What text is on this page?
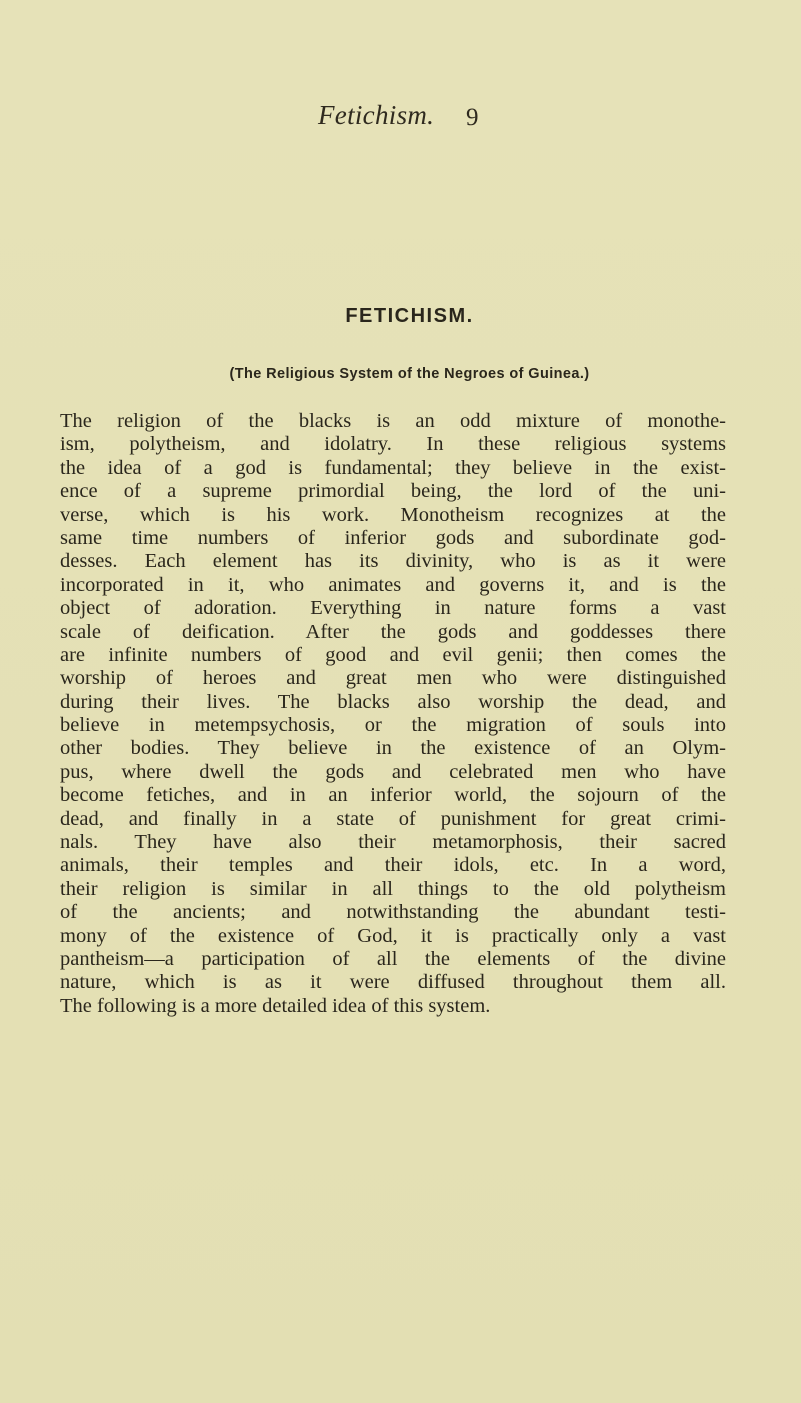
Fetichism. 9
FETICHISM.
(The Religious System of the Negroes of Guinea.)
The religion of the blacks is an odd mixture of monothe-
ism, polytheism, and idolatry. In these religious systems
the idea of a god is fundamental; they believe in the exist-
ence of a supreme primordial being, the lord of the uni-
verse, which is his work. Monotheism recognizes at the
same time numbers of inferior gods and subordinate god-
desses. Each element has its divinity, who is as it were
incorporated in it, who animates and governs it, and is the
object of adoration. Everything in nature forms a vast
scale of deification. After the gods and goddesses there
are infinite numbers of good and evil genii; then comes the
worship of heroes and great men who were distinguished
during their lives. The blacks also worship the dead, and
believe in metempsychosis, or the migration of souls into
other bodies. They believe in the existence of an Olym-
pus, where dwell the gods and celebrated men who have
become fetiches, and in an inferior world, the sojourn of the
dead, and finally in a state of punishment for great crimi-
nals. They have also their metamorphosis, their sacred
animals, their temples and their idols, etc. In a word,
their religion is similar in all things to the old polytheism
of the ancients; and notwithstanding the abundant testi-
mony of the existence of God, it is practically only a vast
pantheism—a participation of all the elements of the divine
nature, which is as it were diffused throughout them all.
The following is a more detailed idea of this system.
